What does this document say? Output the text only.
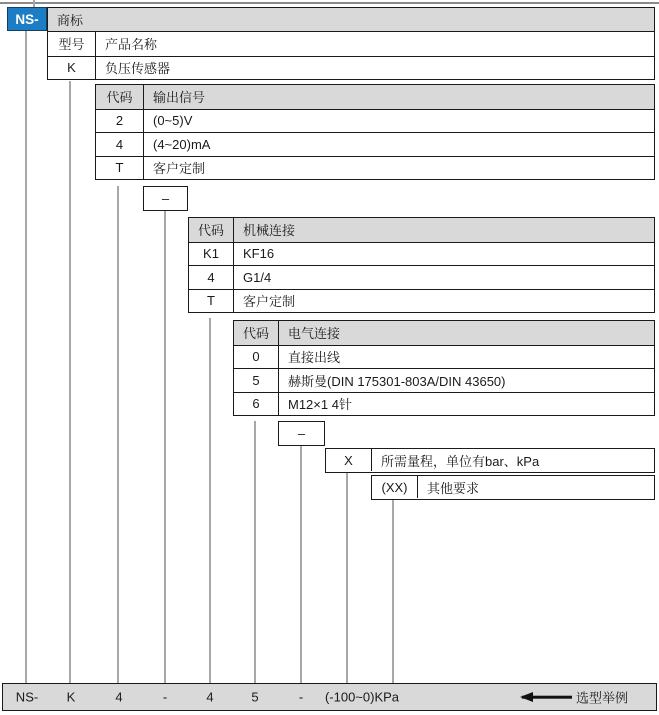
NS-	商标
型号	产品名称
K	负压传感器
代码	输出信号
2	(0~5)V
4	(4~20)mA
T	客户定制
–
代码	机械连接
K1	KF16
4	G1/4
T	客户定制
代码	电气连接
0	直接出线
5	赫斯曼(DIN 175301-803A/DIN 43650)
6	M12×1 4针
–
X	所需量程，单位有bar、kPa
(XX)	其他要求
NS- K	4	-	4	5	- (-100~0)KPa	选型举例
